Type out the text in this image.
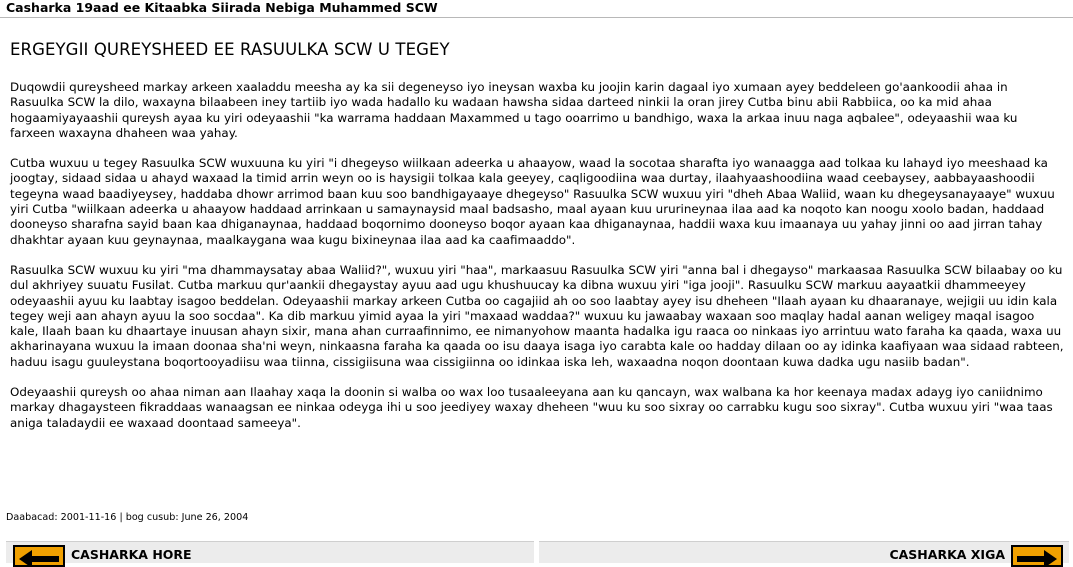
Casharka 19aad ee Kitaabka Siirada Nebiga Muhammed SCW
ERGEYGII QUREYSHEED EE RASUULKA SCW U TEGEY

Duqowdii qureysheed markay arkeen xaaladdu meesha ay ka sii degeneyso iyo ineysan waxba ku joojin karin dagaal iyo xumaan ayey beddeleen go'aankoodii ahaa in Rasuulka SCW la dilo, waxayna bilaabeen iney tartiib iyo wada hadallo ku wadaan hawsha sidaa darteed ninkii la oran jirey Cutba binu abii Rabbiica, oo ka mid ahaa hogaamiyayaashii qureysh ayaa ku yiri odeyaashii "ka warrama haddaan Maxammed u tago ooarrimo u bandhigo, waxa la arkaa inuu naga aqbalee", odeyaashii waa ku farxeen waxayna dhaheen waa yahay.

Cutba wuxuu u tegey Rasuulka SCW wuxuuna ku yiri "i dhegeyso wiilkaan adeerka u ahaayow, waad la socotaa sharafta iyo wanaagga aad tolkaa ku lahayd iyo meeshaad ka joogtay, sidaad sidaa u ahayd waxaad la timid arrin weyn oo is haysigii tolkaa kala geeyey, caqligoodiina waa durtay, ilaahyaashoodiina waad ceebaysey, aabbayaashoodii tegeyna waad baadiyeysey, haddaba dhowr arrimod baan kuu soo bandhigayaaye dhegeyso" Rasuulka SCW wuxuu yiri "dheh Abaa Waliid, waan ku dhegeysanayaaye" wuxuu yiri Cutba "wiilkaan adeerka u ahaayow haddaad arrinkaan u samaynaysid maal badsasho, maal ayaan kuu ururineynaa ilaa aad ka noqoto kan noogu xoolo badan, haddaad dooneyso sharafna sayid baan kaa dhiganaynaa, haddaad boqornimo dooneyso boqor ayaan kaa dhiganaynaa, haddii waxa kuu imaanaya uu yahay jinni oo aad jirran tahay dhakhtar ayaan kuu geynaynaa, maalkaygana waa kugu bixineynaa ilaa aad ka caafimaaddo".

Rasuulka SCW wuxuu ku yiri "ma dhammaysatay abaa Waliid?", wuxuu yiri "haa", markaasuu Rasuulka SCW yiri "anna bal i dhegayso" markaasaa Rasuulka SCW bilaabay oo ku dul akhriyey suuatu Fusilat. Cutba markuu qur'aankii dhegaystay ayuu aad ugu khushuucay ka dibna wuxuu yiri "iga jooji". Rasuulku SCW markuu aayaatkii dhammeeyey odeyaashii ayuu ku laabtay isagoo beddelan. Odeyaashii markay arkeen Cutba oo cagajiid ah oo soo laabtay ayey isu dheheen "Ilaah ayaan ku dhaaranaye, wejigii uu idin kala tegey weji aan ahayn ayuu la soo socdaa". Ka dib markuu yimid ayaa la yiri "maxaad waddaa?" wuxuu ku jawaabay waxaan soo maqlay hadal aanan weligey maqal isagoo kale, Ilaah baan ku dhaartaye inuusan ahayn sixir, mana ahan curraafinnimo, ee nimanyohow maanta hadalka igu raaca oo ninkaas iyo arrintuu wato faraha ka qaada, waxa uu akharinayana wuxuu la imaan doonaa sha'ni weyn, ninkaasna faraha ka qaada oo isu daaya isaga iyo carabta kale oo hadday dilaan oo ay idinka kaafiyaan waa sidaad rabteen, haduu isagu guuleystana boqortooyadiisu waa tiinna, cissigiisuna waa cissigiinna oo idinkaa iska leh, waxaadna noqon doontaan kuwa dadka ugu nasiib badan".

Odeyaashii qureysh oo ahaa niman aan Ilaahay xaqa la doonin si walba oo wax loo tusaaleeyana aan ku qancayn, wax walbana ka hor keenaya madax adayg iyo caniidnimo markay dhagaysteen fikraddaas wanaagsan ee ninkaa odeyga ihi u soo jeediyey waxay dheheen "wuu ku soo sixray oo carrabku kugu soo sixray". Cutba wuxuu yiri "waa taas aniga taladaydii ee waxaad doontaad sameeya".

Daabacad: 2001-11-16 | bog cusub: June 26, 2004
CASHARKA HORE	CASHARKA XIGA
